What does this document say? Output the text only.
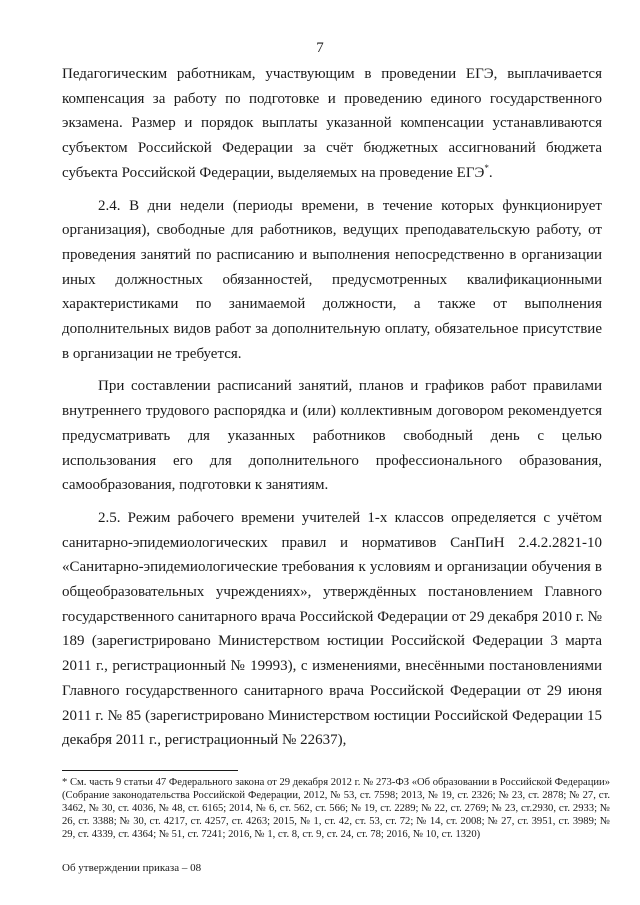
7

Педагогическим работникам, участвующим в проведении ЕГЭ, выплачивается компенсация за работу по подготовке и проведению единого государственного экзамена. Размер и порядок выплаты указанной компенсации устанавливаются субъектом Российской Федерации за счёт бюджетных ассигнований бюджета субъекта Российской Федерации, выделяемых на проведение ЕГЭ*.

2.4. В дни недели (периоды времени, в течение которых функционирует организация), свободные для работников, ведущих преподавательскую работу, от проведения занятий по расписанию и выполнения непосредственно в организации иных должностных обязанностей, предусмотренных квалификационными характеристиками по занимаемой должности, а также от выполнения дополнительных видов работ за дополнительную оплату, обязательное присутствие в организации не требуется.

При составлении расписаний занятий, планов и графиков работ правилами внутреннего трудового распорядка и (или) коллективным договором рекомендуется предусматривать для указанных работников свободный день с целью использования его для дополнительного профессионального образования, самообразования, подготовки к занятиям.

2.5. Режим рабочего времени учителей 1-х классов определяется с учётом санитарно-эпидемиологических правил и нормативов СанПиН 2.4.2.2821-10 «Санитарно-эпидемиологические требования к условиям и организации обучения в общеобразовательных учреждениях», утверждённых постановлением Главного государственного санитарного врача Российской Федерации от 29 декабря 2010 г. № 189 (зарегистрировано Министерством юстиции Российской Федерации 3 марта 2011 г., регистрационный № 19993), с изменениями, внесёнными постановлениями Главного государственного санитарного врача Российской Федерации от 29 июня 2011 г. № 85 (зарегистрировано Министерством юстиции Российской Федерации 15 декабря 2011 г., регистрационный № 22637),

* См. часть 9 статьи 47 Федерального закона от 29 декабря 2012 г. № 273-ФЗ «Об образовании в Российской Федерации» (Собрание законодательства Российской Федерации, 2012, № 53, ст. 7598; 2013, № 19, ст. 2326; № 23, ст. 2878; № 27, ст. 3462, № 30, ст. 4036, № 48, ст. 6165; 2014, № 6, ст. 562, ст. 566; № 19, ст. 2289; № 22, ст. 2769; № 23, ст.2930, ст. 2933; № 26, ст. 3388; № 30, ст. 4217, ст. 4257, ст. 4263; 2015, № 1, ст. 42, ст. 53, ст. 72; № 14, ст. 2008; № 27, ст. 3951, ст. 3989; № 29, ст. 4339, ст. 4364; № 51, ст. 7241; 2016, № 1, ст. 8, ст. 9, ст. 24, ст. 78; 2016, № 10, ст. 1320)
Об утверждении приказа – 08
